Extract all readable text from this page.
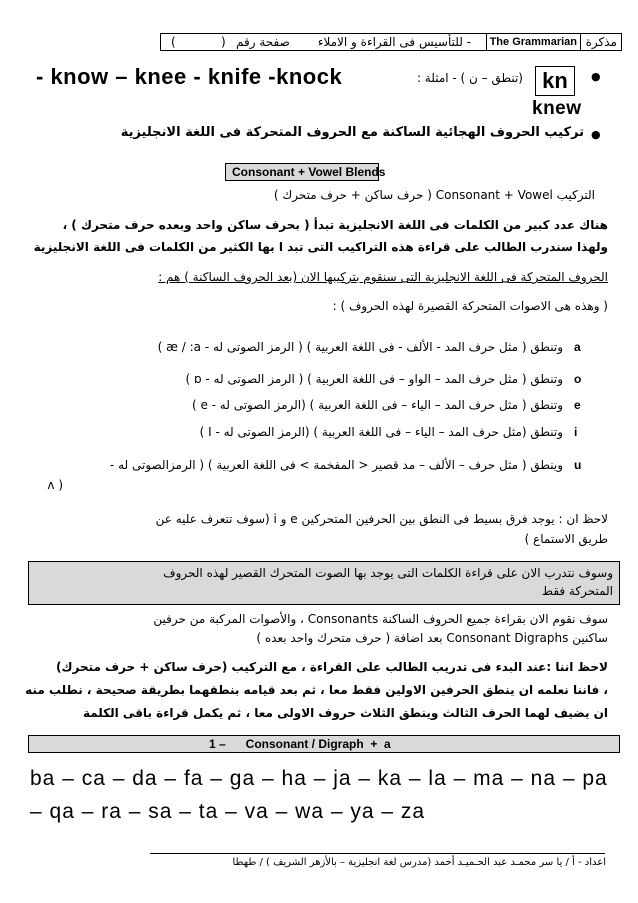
مذكرة
The Grammarian
- للتأسيس فى القراءة و الاملاء
صفحة رقم
)
(
●
kn
(تنطق – ن ) - امثلة :
- know – knee - knife -knock
knew
●
تركيب الحروف الهجائية الساكنة مع الحروف المتحركة فى اللغة الانجليزية
Consonant + Vowel Blends
التركيب Consonant + Vowel ( حرف ساكن + حرف متحرك )
هناك عدد كبير من الكلمات فى اللغة الانجليزية تبدأ ( بحرف ساكن واحد وبعده حرف متحرك ) ،
ولهذا سندرب الطالب على قراءة هذه التراكيب التى تبد ا بها الكثير من الكلمات فى اللغة الانجليزية
الحروف المتحركة فى اللغة الانجليزية التى سنقوم بتركيبها الان (بعد الحروف الساكنة ) هم :
( وهذه هى الاصوات المتحركة القصيرة لهذه الحروف ) :
a
وتنطق ( مثل حرف المد - الألف - فى اللغة العربية ) ( الرمز الصوتى له - æ / :a )
o
وتنطق ( مثل حرف المد – الواو – فى اللغة العربية ) ( الرمز الصوتى له - ɒ )
e
وتنطق ( مثل حرف المد – الياء – فى اللغة العربية ) (الرمز الصوتى له - e )
i
وتنطق (مثل حرف المد – الياء – فى اللغة العربية ) (الرمز الصوتى له - I )
u
وينطق ( مثل حرف – الألف – مد قصير < المفخمة > فى اللغة العربية ) ( الرمزالصوتى له -
( ʌ
لاحظ ان : يوجد فرق بسيط فى النطق بين الحرفين المتحركين e و i (سوف تتعرف عليه عن
طريق الاستماع )
وسوف نتدرب الان على قراءة الكلمات التى يوجد بها الصوت المتحرك القصير لهذه الحروف
المتحركة فقط
سوف نقوم الان بقراءة جميع الحروف الساكنة Consonants ، والأصوات المركبة من حرفين
ساكنين Consonant Digraphs بعد اضافة ( حرف متحرك واحد بعده )
لاحظ اننا :عند البدء فى تدريب الطالب على القراءة ، مع التركيب (حرف ساكن + حرف متحرك)
، فاننا نعلمه ان ينطق الحرفين الاولين فقط معا ، ثم بعد قيامه بنطقهما بطريقة صحيحة ، نطلب منه
ان يضيف لهما الحرف الثالث وينطق الثلاث حروف الاولى معا ، ثم يكمل قراءة باقى الكلمة
1 –      Consonant / Digraph  +  a
ba – ca – da – fa – ga – ha – ja – ka – la – ma – na – pa
– qa – ra – sa – ta – va – wa – ya – za
اعداد - أ / يا سر محمـد عبد الحـميـد أحمد (مدرس لغة انجليزية – بالأزهر الشريف ) / طهطا
